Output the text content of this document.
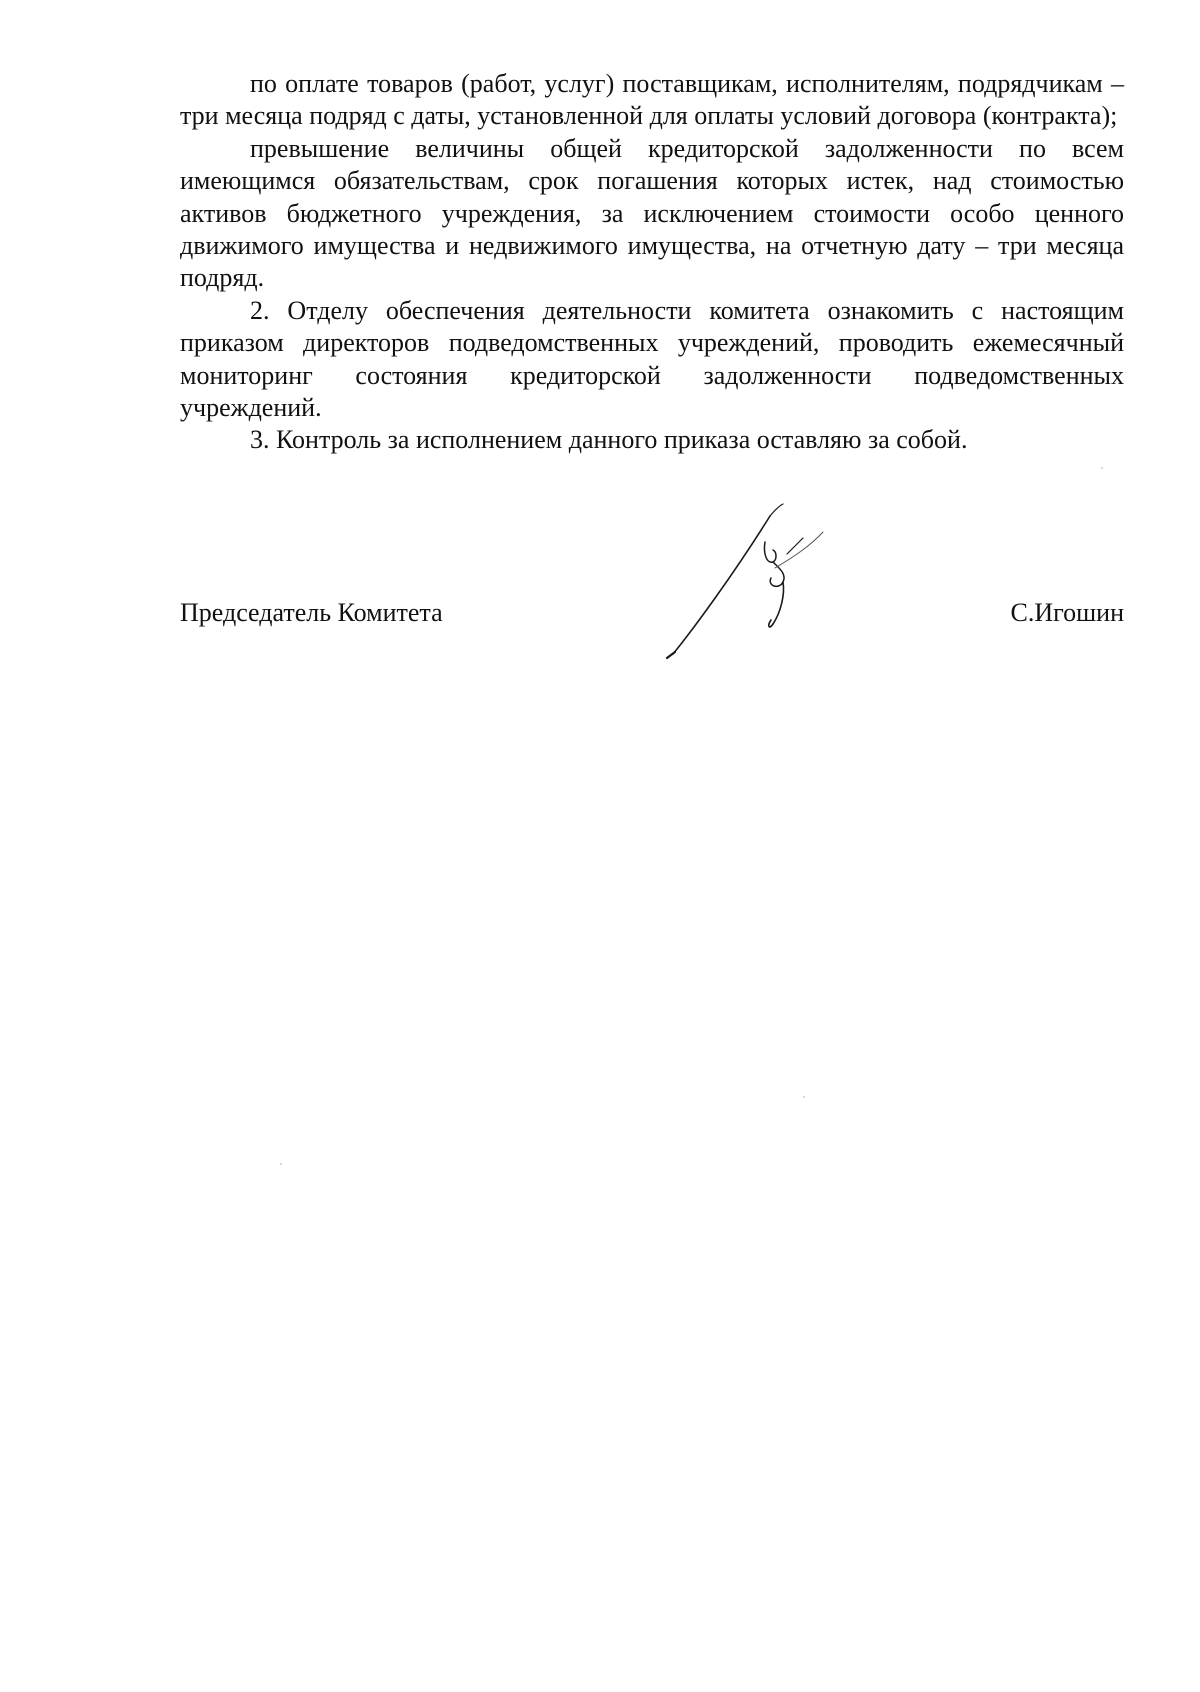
по оплате товаров (работ, услуг) поставщикам, исполнителям, подрядчикам – три месяца подряд с даты, установленной для оплаты условий договора (контракта);

превышение величины общей кредиторской задолженности по всем имеющимся обязательствам, срок погашения которых истек, над стоимостью активов бюджетного учреждения, за исключением стоимости особо ценного движимого имущества и недвижимого имущества, на отчетную дату – три месяца подряд.

2. Отделу обеспечения деятельности комитета ознакомить с настоящим приказом директоров подведомственных учреждений, проводить ежемесячный мониторинг состояния кредиторской задолженности подведомственных учреждений.

3. Контроль за исполнением данного приказа оставляю за собой.

Председатель Комитета	С.Игошин
